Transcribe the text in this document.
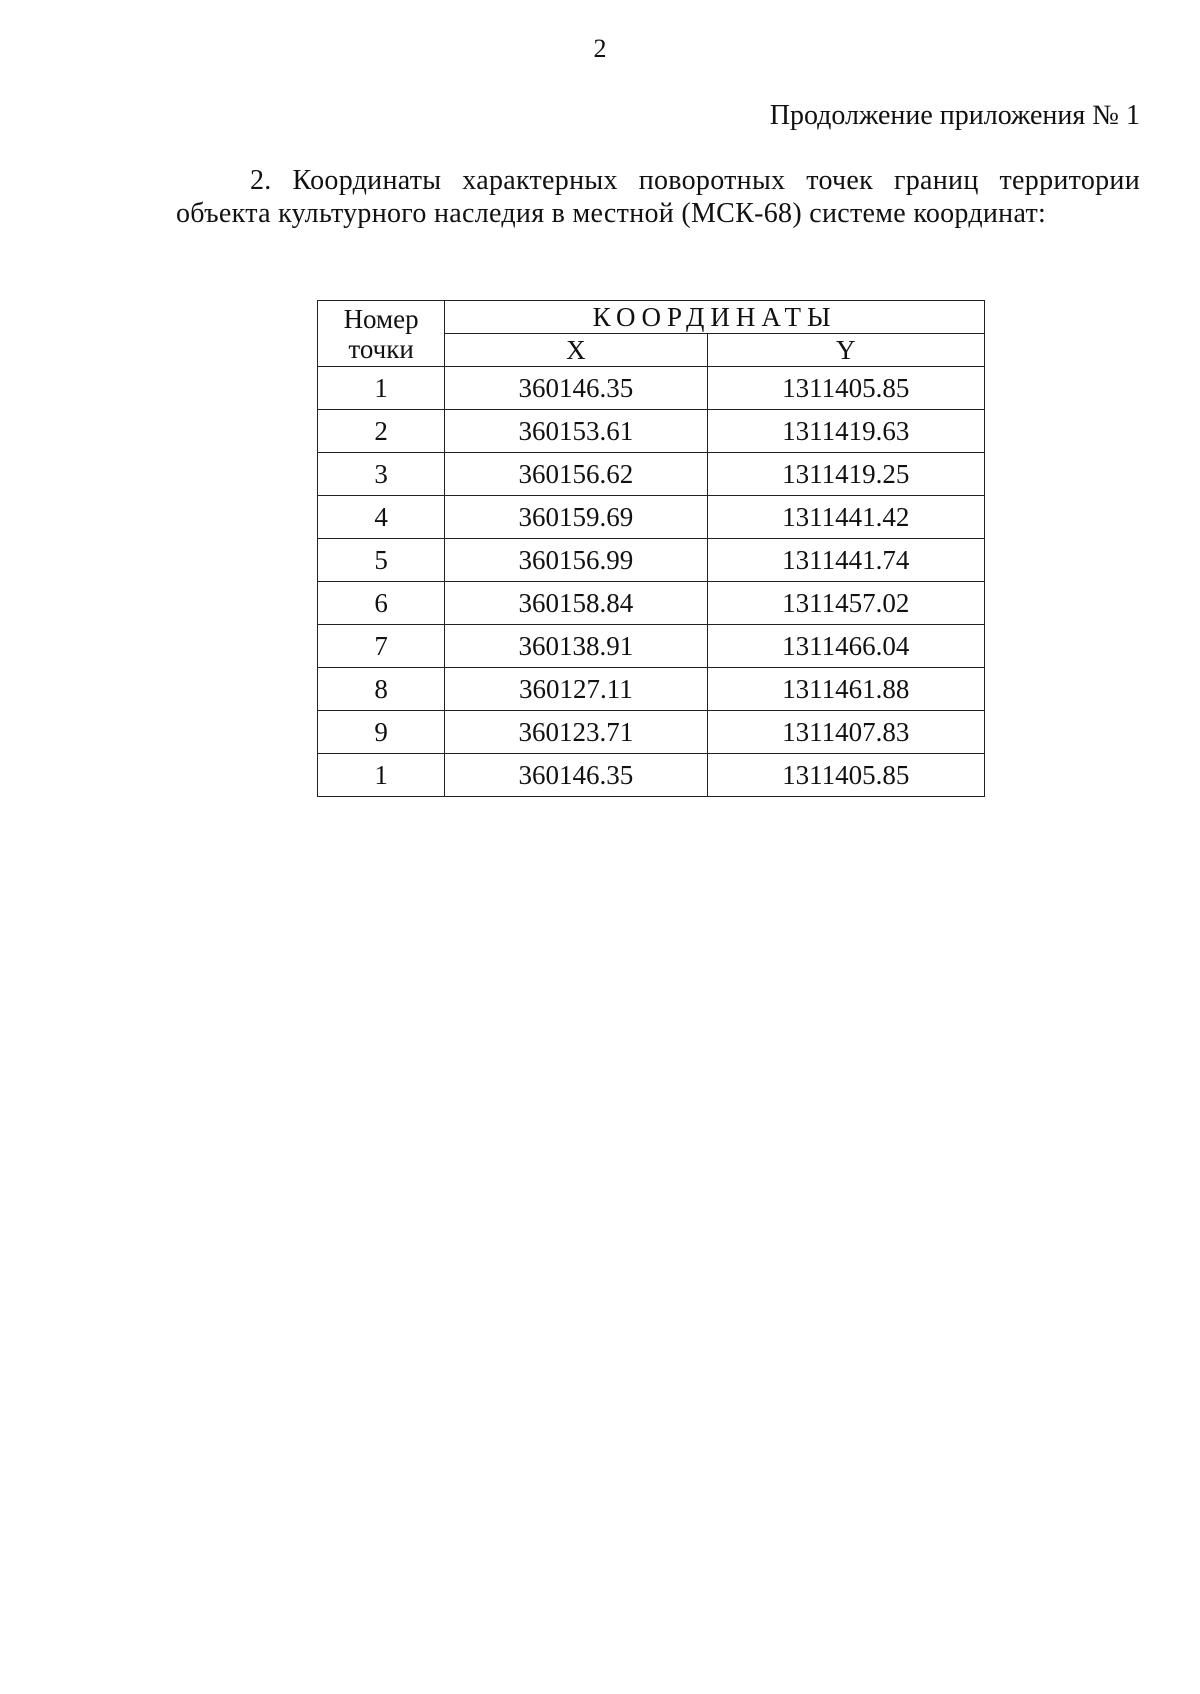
2
Продолжение приложения № 1
2. Координаты характерных поворотных точек границ территории объекта культурного наследия в местной (МСК-68) системе координат:
Номер
точки	КООРДИНАТЫ	
	X	Y
1	360146.35	1311405.85
2	360153.61	1311419.63
3	360156.62	1311419.25
4	360159.69	1311441.42
5	360156.99	1311441.74
6	360158.84	1311457.02
7	360138.91	1311466.04
8	360127.11	1311461.88
9	360123.71	1311407.83
1	360146.35	1311405.85
